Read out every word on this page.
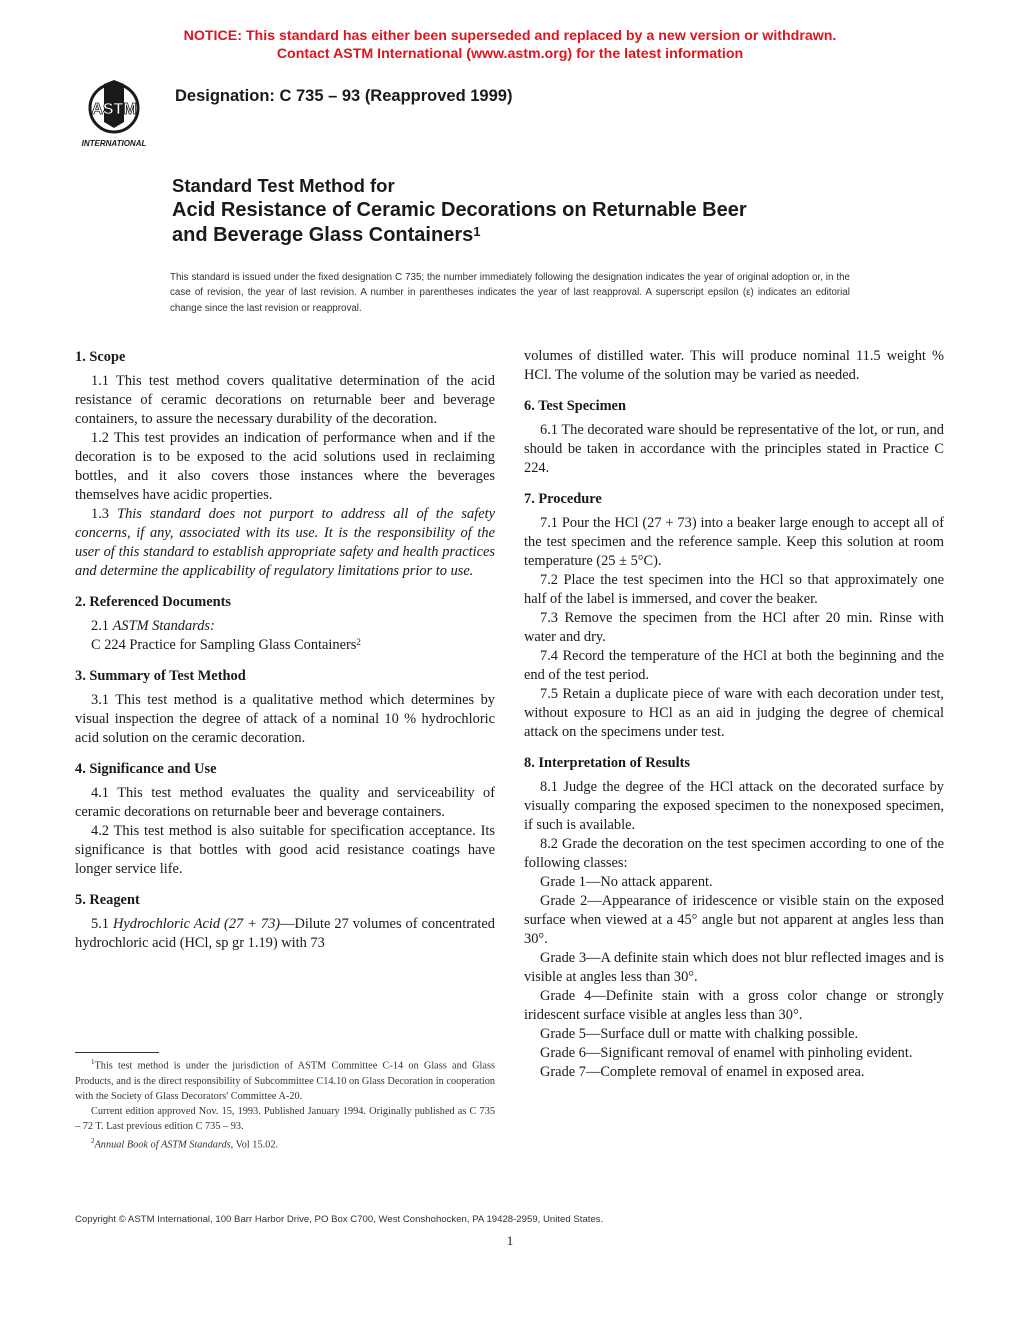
NOTICE: This standard has either been superseded and replaced by a new version or withdrawn.
Contact ASTM International (www.astm.org) for the latest information
ASTM
INTERNATIONAL
Designation: C 735 – 93 (Reapproved 1999)
Standard Test Method for
Acid Resistance of Ceramic Decorations on Returnable Beer
and Beverage Glass Containers$^1$
This standard is issued under the fixed designation C 735; the number immediately following the designation indicates the year of original adoption or, in the case of revision, the year of last revision. A number in parentheses indicates the year of last reapproval. A superscript epsilon (ε) indicates an editorial change since the last revision or reapproval.
1. Scope

1.1 This test method covers qualitative determination of the acid resistance of ceramic decorations on returnable beer and beverage containers, to assure the necessary durability of the decoration.

1.2 This test provides an indication of performance when and if the decoration is to be exposed to the acid solutions used in reclaiming bottles, and it also covers those instances where the beverages themselves have acidic properties.

1.3 This standard does not purport to address all of the safety concerns, if any, associated with its use. It is the responsibility of the user of this standard to establish appropriate safety and health practices and determine the applicability of regulatory limitations prior to use.

2. Referenced Documents

2.1 ASTM Standards:

C 224 Practice for Sampling Glass Containers$^2$

3. Summary of Test Method

3.1 This test method is a qualitative method which determines by visual inspection the degree of attack of a nominal 10 % hydrochloric acid solution on the ceramic decoration.

4. Significance and Use

4.1 This test method evaluates the quality and serviceability of ceramic decorations on returnable beer and beverage containers.

4.2 This test method is also suitable for specification acceptance. Its significance is that bottles with good acid resistance coatings have longer service life.

5. Reagent

5.1 Hydrochloric Acid (27 + 73)—Dilute 27 volumes of concentrated hydrochloric acid (HCl, sp gr 1.19) with 73

$^1$This test method is under the jurisdiction of ASTM Committee C-14 on Glass and Glass Products, and is the direct responsibility of Subcommittee C14.10 on Glass Decoration in cooperation with the Society of Glass Decorators' Committee A-20.

Current edition approved Nov. 15, 1993. Published January 1994. Originally published as C 735 – 72 T. Last previous edition C 735 – 93.

$^2$Annual Book of ASTM Standards, Vol 15.02.

volumes of distilled water. This will produce nominal 11.5 weight % HCl. The volume of the solution may be varied as needed.

6. Test Specimen

6.1 The decorated ware should be representative of the lot, or run, and should be taken in accordance with the principles stated in Practice C 224.

7. Procedure

7.1 Pour the HCl (27 + 73) into a beaker large enough to accept all of the test specimen and the reference sample. Keep this solution at room temperature (25 ± 5°C).

7.2 Place the test specimen into the HCl so that approximately one half of the label is immersed, and cover the beaker.

7.3 Remove the specimen from the HCl after 20 min. Rinse with water and dry.

7.4 Record the temperature of the HCl at both the beginning and the end of the test period.

7.5 Retain a duplicate piece of ware with each decoration under test, without exposure to HCl as an aid in judging the degree of chemical attack on the specimens under test.

8. Interpretation of Results

8.1 Judge the degree of the HCl attack on the decorated surface by visually comparing the exposed specimen to the nonexposed specimen, if such is available.

8.2 Grade the decoration on the test specimen according to one of the following classes:

Grade 1—No attack apparent.

Grade 2—Appearance of iridescence or visible stain on the exposed surface when viewed at a 45° angle but not apparent at angles less than 30°.

Grade 3—A definite stain which does not blur reflected images and is visible at angles less than 30°.

Grade 4—Definite stain with a gross color change or strongly iridescent surface visible at angles less than 30°.

Grade 5—Surface dull or matte with chalking possible.

Grade 6—Significant removal of enamel with pinholing evident.

Grade 7—Complete removal of enamel in exposed area.

Copyright © ASTM International, 100 Barr Harbor Drive, PO Box C700, West Conshohocken, PA 19428-2959, United States.
1
